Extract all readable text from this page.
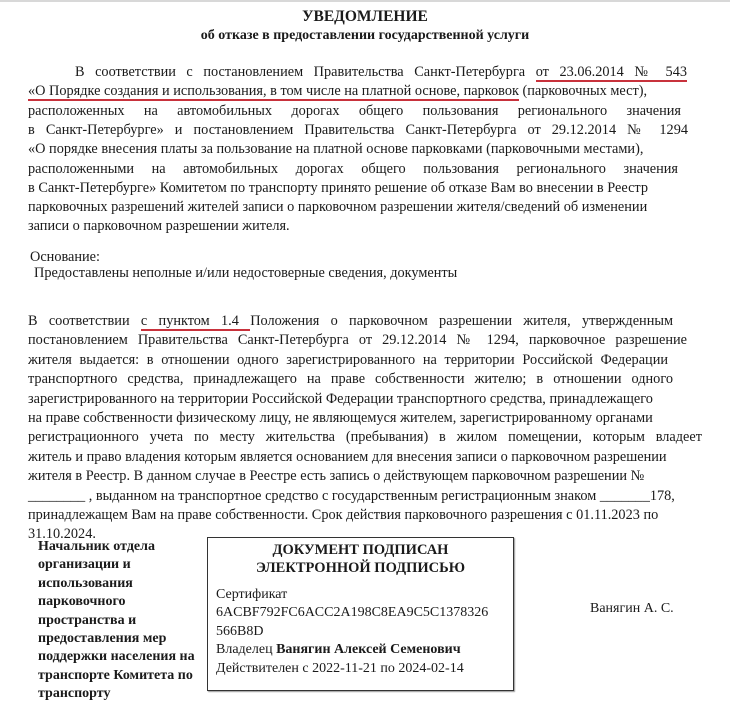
УВЕДОМЛЕНИЕ
об отказе в предоставлении государственной услуги
В соответствии с постановлением Правительства Санкт-Петербурга от 23.06.2014 № 543
«О Порядке создания и использования, в том числе на платной основе, парковок (парковочных мест),
расположенных на автомобильных дорогах общего пользования регионального значения
в Санкт-Петербурге» и постановлением Правительства Санкт-Петербурга от 29.12.2014 № 1294
«О порядке внесения платы за пользование на платной основе парковками (парковочными местами),
расположенными на автомобильных дорогах общего пользования регионального значения
в Санкт-Петербурге» Комитетом по транспорту принято решение об отказе Вам во внесении в Реестр
парковочных разрешений жителей записи о парковочном разрешении жителя/сведений об изменении
записи о парковочном разрешении жителя.
Основание:
Предоставлены неполные и/или недостоверные сведения, документы
В соответствии с пунктом 1.4 Положения о парковочном разрешении жителя, утвержденным
постановлением Правительства Санкт-Петербурга от 29.12.2014 № 1294, парковочное разрешение
жителя выдается: в отношении одного зарегистрированного на территории Российской Федерации
транспортного средства, принадлежащего на праве собственности жителю; в отношении одного
зарегистрированного на территории Российской Федерации транспортного средства, принадлежащего
на праве собственности физическому лицу, не являющемуся жителем, зарегистрированному органами
регистрационного учета по месту жительства (пребывания) в жилом помещении, которым владеет
житель и право владения которым является основанием для внесения записи о парковочном разрешении
жителя в Реестр. В данном случае в Реестре есть запись о действующем парковочном разрешении №
________ , выданном на транспортное средство с государственным регистрационным знаком _______178,
принадлежащем Вам на праве собственности. Срок действия парковочного разрешения с 01.11.2023 по
31.10.2024.
Начальник отдела
организации и
использования
парковочного
пространства и
предоставления мер
поддержки населения на
транспорте Комитета по
транспорту
ДОКУМЕНТ ПОДПИСАН
ЭЛЕКТРОННОЙ ПОДПИСЬЮ
Сертификат
6ACBF792FC6ACC2A198C8EA9C5C1378326
566B8D
Владелец Ванягин Алексей Семенович
Действителен с 2022-11-21 по 2024-02-14
Ванягин А. С.
